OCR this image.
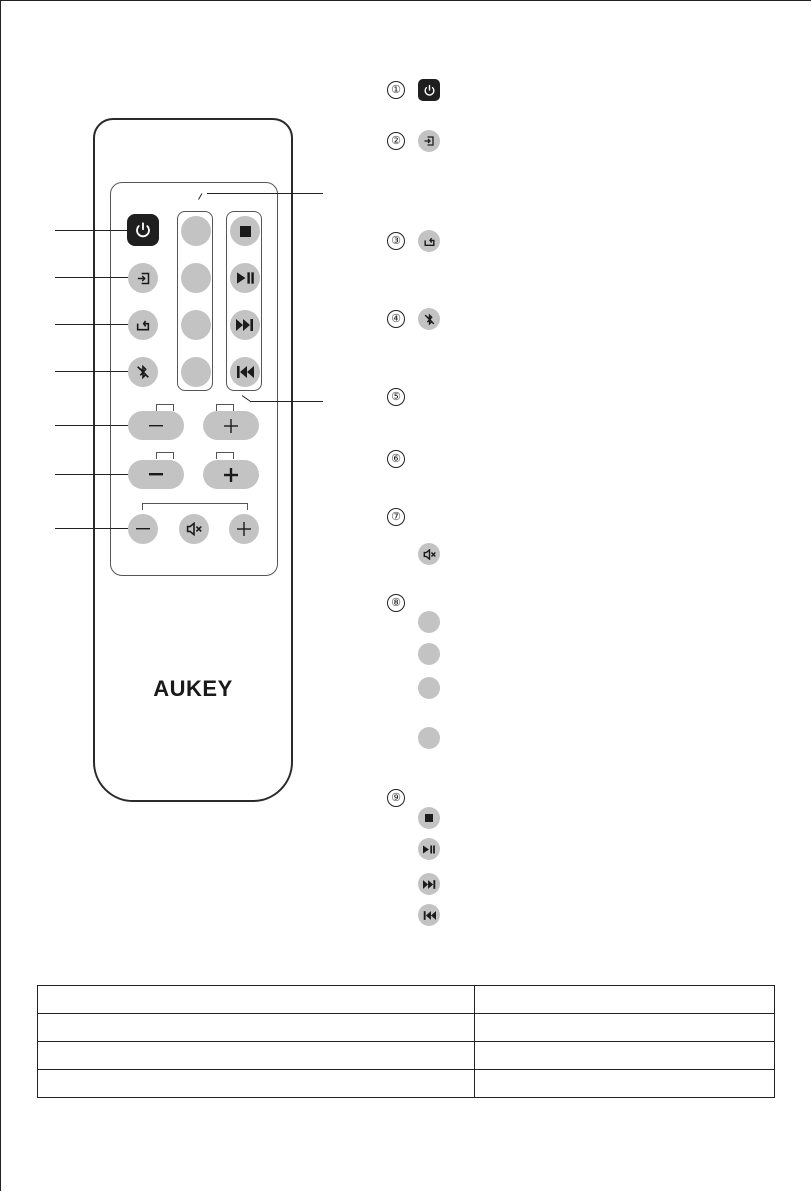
AUKEY
①
②
③
④
⑤
⑥
⑦
⑧
⑨
